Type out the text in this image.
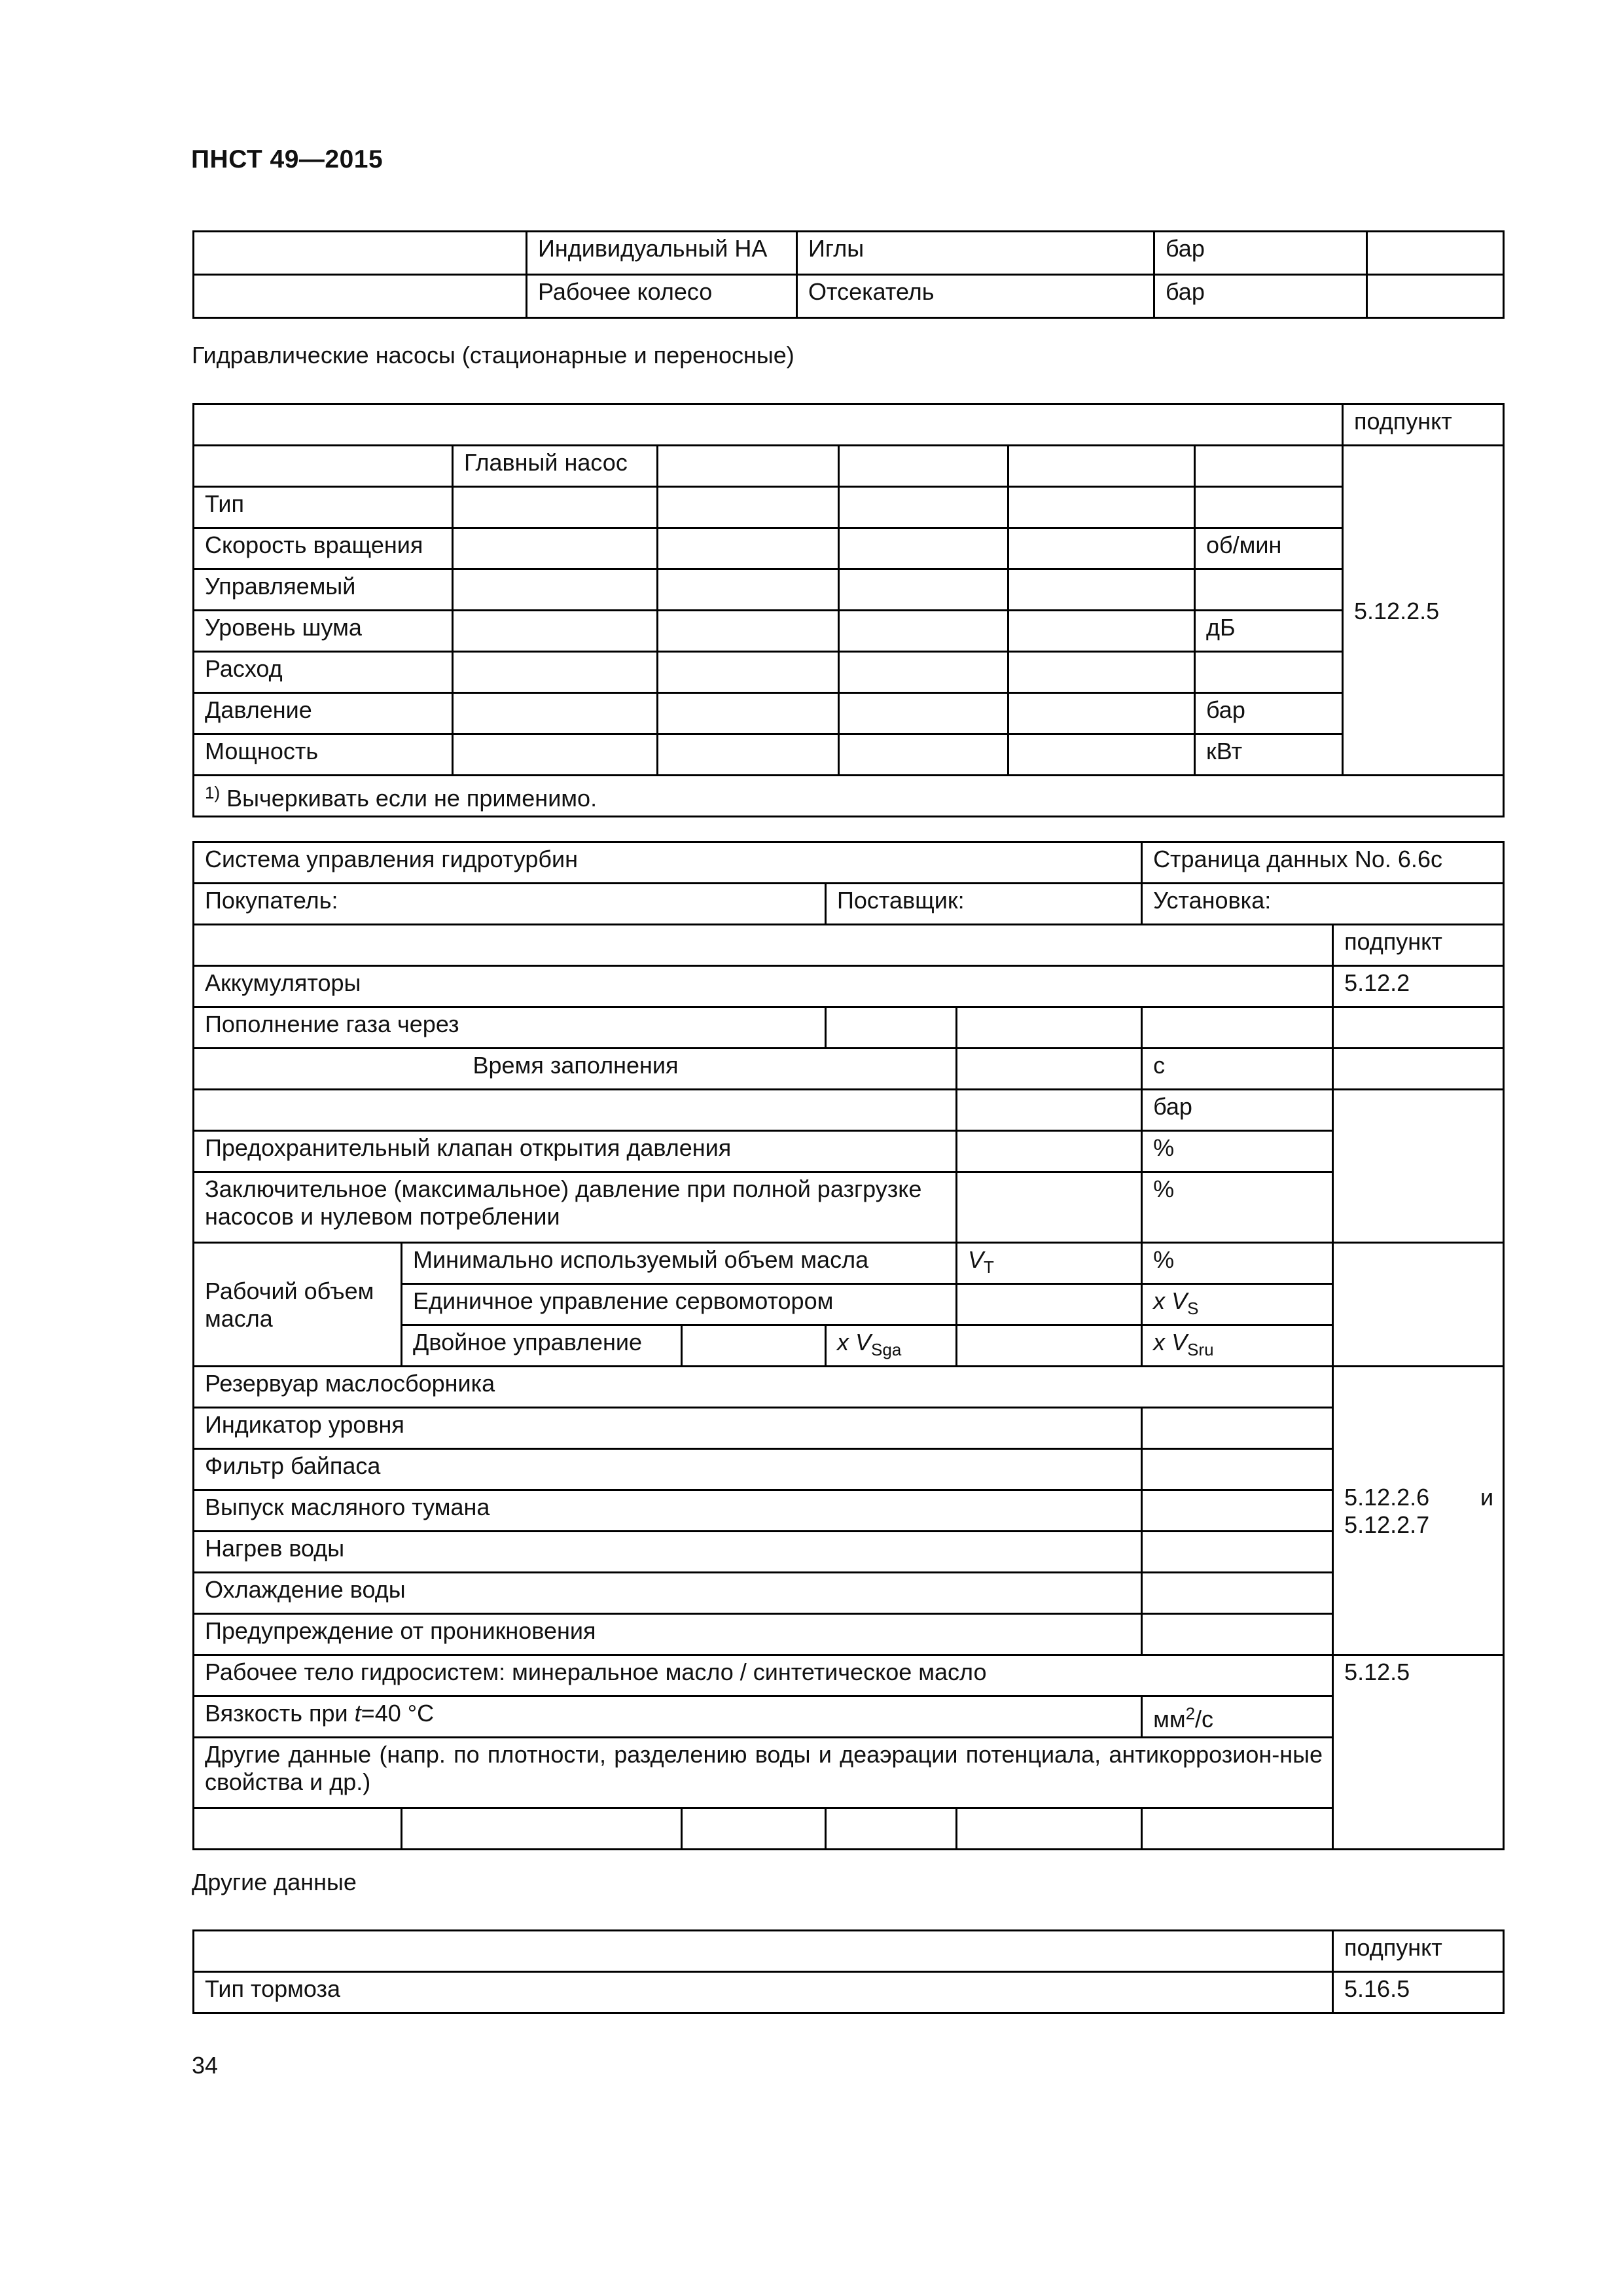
ПНСТ 49—2015
	Индивидуальный НА	Иглы	бар	
	Рабочее колесо	Отсекатель	бар	
Гидравлические насосы (стационарные и переносные)
						подпункт
	Главный насос					5.12.2.5
Тип						
Скорость вращения					об/мин	
Управляемый						
Уровень шума					дБ	
Расход						
Давление					бар	
Мощность					кВт	
$^{1)}$ Вычеркивать если не применимо.						
Система управления гидротурбин					Страница данных No. 6.6c	
Покупатель:			Поставщик:		Установка:	
						подпункт
Аккумуляторы						5.12.2
Пополнение газа через						
Время заполнения					с	
					бар	
Предохранительный клапан открытия давления					%	
Заключительное (максимальное) давление при полной разгрузке насосов и нулевом потреблении					%	

Рабочий объем
масла	Минимально используемый объем масла			$V_T$	%	
	Единичное управление сервомотором				x $V_S$
	Двойное управление		x $V_{Sga}$		x $V_{Sru}$
Резервуар маслосборника						5.12.2.6 и
5.12.2.7

Индикатор уровня						
Фильтр байпаса						
Выпуск масляного тумана						
Нагрев воды						
Охлаждение воды						
Предупреждение от проникновения						
Рабочее тело гидросистем: минеральное масло / синтетическое масло						5.12.5
Вязкость при t=40 °С					$мм^2/с$	
Другие данные (напр. по плотности, разделению воды и деаэрации потенциала, антикоррозион-ные свойства и др.)						

Другие данные
	подпункт
Тип тормоза	5.16.5
34
